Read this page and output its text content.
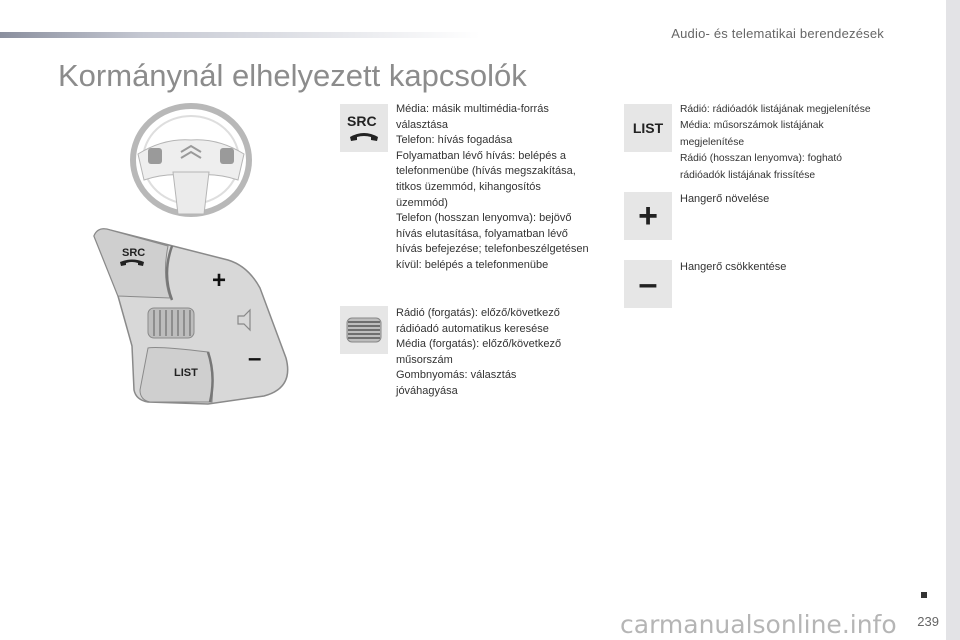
Audio- és telematikai berendezések
Kormánynál elhelyezett kapcsolók
SRC
+
–
LIST
SRC
Média: másik multimédia-forrás
választása
Telefon: hívás fogadása
Folyamatban lévő hívás: belépés a
telefonmenübe (hívás megszakítása,
titkos üzemmód, kihangosítós
üzemmód)
Telefon (hosszan lenyomva): bejövő
hívás elutasítása, folyamatban lévő
hívás befejezése; telefonbeszélgetésen
kívül: belépés a telefonmenübe
Rádió (forgatás): előző/következő
rádióadó automatikus keresése
Média (forgatás): előző/következő
műsorszám
Gombnyomás: választás
jóváhagyása
LIST
Rádió: rádióadók listájának megjelenítése
Média: műsorszámok listájának
megjelenítése
Rádió (hosszan lenyomva): fogható
rádióadók listájának frissítése
+ Hangerő növelése
– Hangerő csökkentése
239
carmanualsonline.info
